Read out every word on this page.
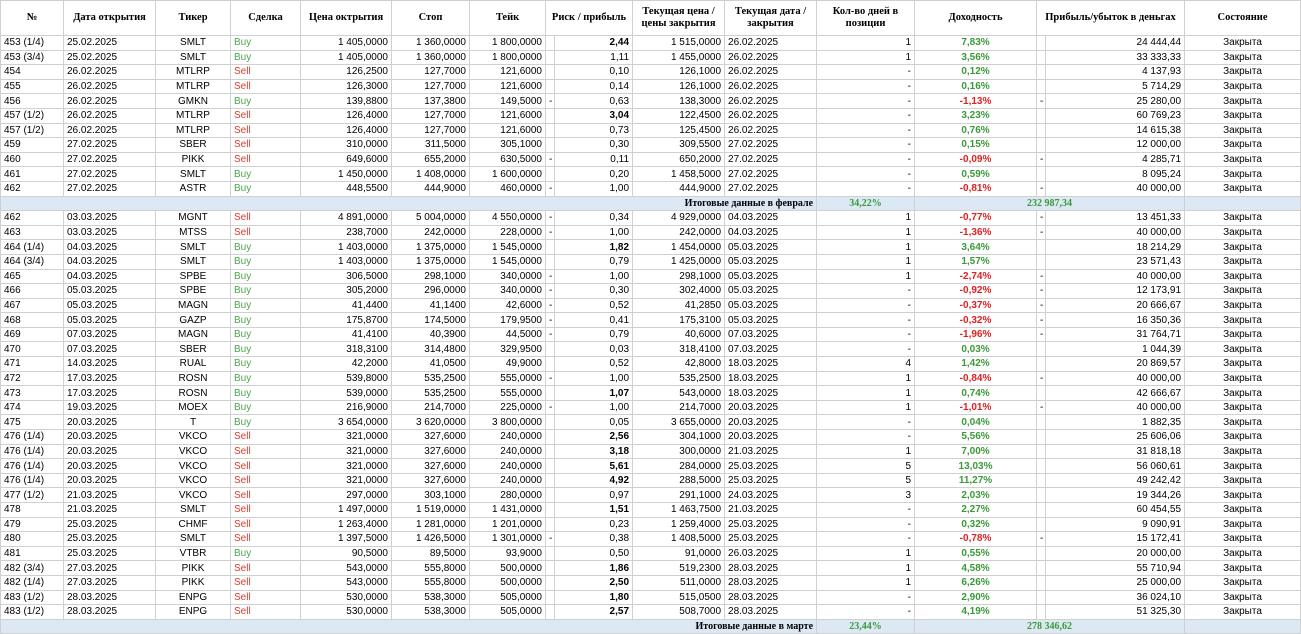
№	Дата открытия	Тикер	Сделка	Цена октрытия	Стоп	Тейк	Риск / прибыль		Текущая цена / цены закрытия	Текущая дата / закрытия	Кол-во дней в позиции	Доходность	Прибыль/убыток в деньгах		Состояние
453 (1/4)	25.02.2025	SMLT	Buy	1 405,0000	1 360,0000	1 800,0000		2,44	1 515,0000	26.02.2025	1	7,83%		24 444,44	Закрыта
453 (3/4)	25.02.2025	SMLT	Buy	1 405,0000	1 360,0000	1 800,0000		1,11	1 455,0000	26.02.2025	1	3,56%		33 333,33	Закрыта
454	26.02.2025	MTLRP	Sell	126,2500	127,7000	121,6000		0,10	126,1000	26.02.2025	-	0,12%		4 137,93	Закрыта
455	26.02.2025	MTLRP	Sell	126,3000	127,7000	121,6000		0,14	126,1000	26.02.2025	-	0,16%		5 714,29	Закрыта
456	26.02.2025	GMKN	Buy	139,8800	137,3800	149,5000	-	0,63	138,3000	26.02.2025	-	-1,13%	-	25 280,00	Закрыта
457 (1/2)	26.02.2025	MTLRP	Sell	126,4000	127,7000	121,6000		3,04	122,4500	26.02.2025	-	3,23%		60 769,23	Закрыта
457 (1/2)	26.02.2025	MTLRP	Sell	126,4000	127,7000	121,6000		0,73	125,4500	26.02.2025	-	0,76%		14 615,38	Закрыта
459	27.02.2025	SBER	Sell	310,0000	311,5000	305,1000		0,30	309,5500	27.02.2025	-	0,15%		12 000,00	Закрыта
460	27.02.2025	PIKK	Sell	649,6000	655,2000	630,5000	-	0,11	650,2000	27.02.2025	-	-0,09%	-	4 285,71	Закрыта
461	27.02.2025	SMLT	Buy	1 450,0000	1 408,0000	1 600,0000		0,20	1 458,5000	27.02.2025	-	0,59%		8 095,24	Закрыта
462	27.02.2025	ASTR	Buy	448,5500	444,9000	460,0000	-	1,00	444,9000	27.02.2025	-	-0,81%	-	40 000,00	Закрыта
Итоговые данные в феврале											34,22%	232 987,34			
462	03.03.2025	MGNT	Sell	4 891,0000	5 004,0000	4 550,0000	-	0,34	4 929,0000	04.03.2025	1	-0,77%	-	13 451,33	Закрыта
463	03.03.2025	MTSS	Sell	238,7000	242,0000	228,0000	-	1,00	242,0000	04.03.2025	1	-1,36%	-	40 000,00	Закрыта
464 (1/4)	04.03.2025	SMLT	Buy	1 403,0000	1 375,0000	1 545,0000		1,82	1 454,0000	05.03.2025	1	3,64%		18 214,29	Закрыта
464 (3/4)	04.03.2025	SMLT	Buy	1 403,0000	1 375,0000	1 545,0000		0,79	1 425,0000	05.03.2025	1	1,57%		23 571,43	Закрыта
465	04.03.2025	SPBE	Buy	306,5000	298,1000	340,0000	-	1,00	298,1000	05.03.2025	1	-2,74%	-	40 000,00	Закрыта
466	05.03.2025	SPBE	Buy	305,2000	296,0000	340,0000	-	0,30	302,4000	05.03.2025	-	-0,92%	-	12 173,91	Закрыта
467	05.03.2025	MAGN	Buy	41,4400	41,1400	42,6000	-	0,52	41,2850	05.03.2025	-	-0,37%	-	20 666,67	Закрыта
468	05.03.2025	GAZP	Buy	175,8700	174,5000	179,9500	-	0,41	175,3100	05.03.2025	-	-0,32%	-	16 350,36	Закрыта
469	07.03.2025	MAGN	Buy	41,4100	40,3900	44,5000	-	0,79	40,6000	07.03.2025	-	-1,96%	-	31 764,71	Закрыта
470	07.03.2025	SBER	Buy	318,3100	314,4800	329,9500		0,03	318,4100	07.03.2025	-	0,03%		1 044,39	Закрыта
471	14.03.2025	RUAL	Buy	42,2000	41,0500	49,9000		0,52	42,8000	18.03.2025	4	1,42%		20 869,57	Закрыта
472	17.03.2025	ROSN	Buy	539,8000	535,2500	555,0000	-	1,00	535,2500	18.03.2025	1	-0,84%	-	40 000,00	Закрыта
473	17.03.2025	ROSN	Buy	539,0000	535,2500	555,0000		1,07	543,0000	18.03.2025	1	0,74%		42 666,67	Закрыта
474	19.03.2025	MOEX	Buy	216,9000	214,7000	225,0000	-	1,00	214,7000	20.03.2025	1	-1,01%	-	40 000,00	Закрыта
475	20.03.2025	T	Buy	3 654,0000	3 620,0000	3 800,0000		0,05	3 655,0000	20.03.2025	-	0,04%		1 882,35	Закрыта
476 (1/4)	20.03.2025	VKCO	Sell	321,0000	327,6000	240,0000		2,56	304,1000	20.03.2025	-	5,56%		25 606,06	Закрыта
476 (1/4)	20.03.2025	VKCO	Sell	321,0000	327,6000	240,0000		3,18	300,0000	21.03.2025	1	7,00%		31 818,18	Закрыта
476 (1/4)	20.03.2025	VKCO	Sell	321,0000	327,6000	240,0000		5,61	284,0000	25.03.2025	5	13,03%		56 060,61	Закрыта
476 (1/4)	20.03.2025	VKCO	Sell	321,0000	327,6000	240,0000		4,92	288,5000	25.03.2025	5	11,27%		49 242,42	Закрыта
477 (1/2)	21.03.2025	VKCO	Sell	297,0000	303,1000	280,0000		0,97	291,1000	24.03.2025	3	2,03%		19 344,26	Закрыта
478	21.03.2025	SMLT	Sell	1 497,0000	1 519,0000	1 431,0000		1,51	1 463,7500	21.03.2025	-	2,27%		60 454,55	Закрыта
479	25.03.2025	CHMF	Sell	1 263,4000	1 281,0000	1 201,0000		0,23	1 259,4000	25.03.2025	-	0,32%		9 090,91	Закрыта
480	25.03.2025	SMLT	Sell	1 397,5000	1 426,5000	1 301,0000	-	0,38	1 408,5000	25.03.2025	-	-0,78%	-	15 172,41	Закрыта
481	25.03.2025	VTBR	Buy	90,5000	89,5000	93,9000		0,50	91,0000	26.03.2025	1	0,55%		20 000,00	Закрыта
482 (3/4)	27.03.2025	PIKK	Sell	543,0000	555,8000	500,0000		1,86	519,2300	28.03.2025	1	4,58%		55 710,94	Закрыта
482 (1/4)	27.03.2025	PIKK	Sell	543,0000	555,8000	500,0000		2,50	511,0000	28.03.2025	1	6,26%		25 000,00	Закрыта
483 (1/2)	28.03.2025	ENPG	Sell	530,0000	538,3000	505,0000		1,80	515,0500	28.03.2025	-	2,90%		36 024,10	Закрыта
483 (1/2)	28.03.2025	ENPG	Sell	530,0000	538,3000	505,0000		2,57	508,7000	28.03.2025	-	4,19%		51 325,30	Закрыта
Итоговые данные в марте											23,44%	278 346,62			
